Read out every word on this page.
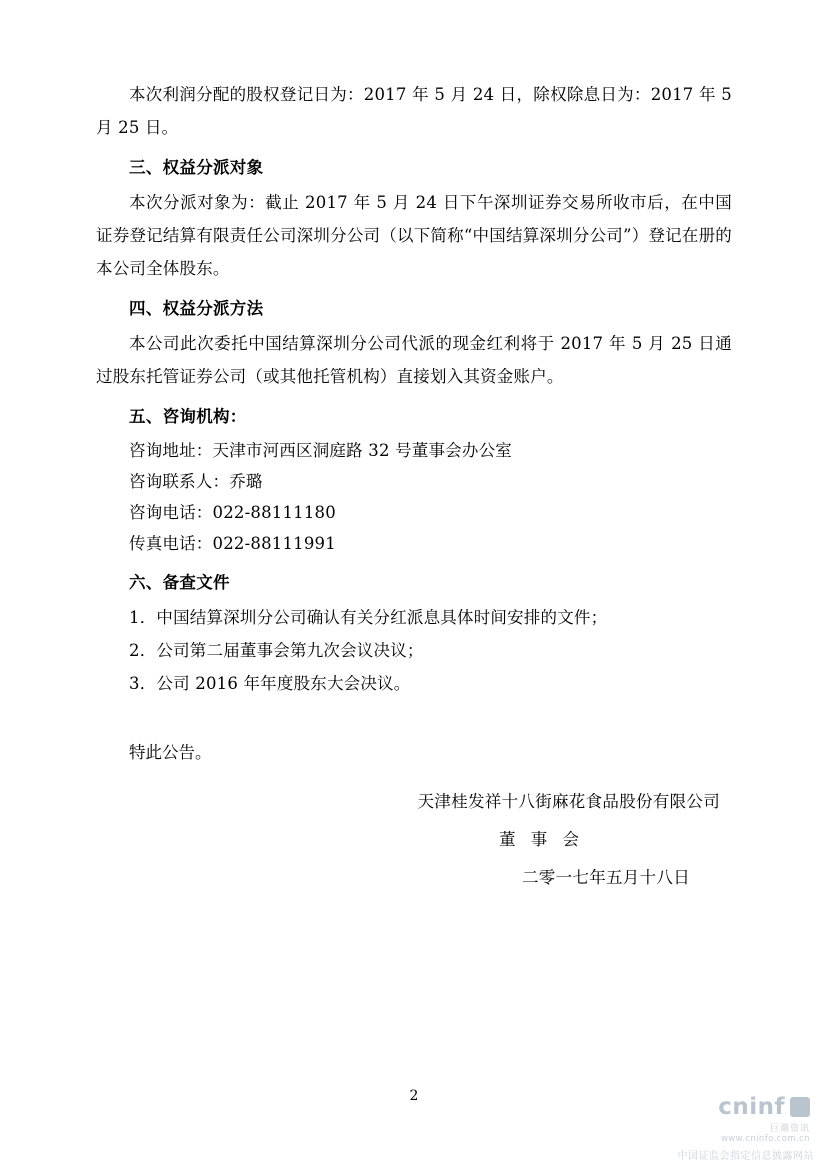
本次利润分配的股权登记日为：2017 年 5 月 24 日，除权除息日为：2017 年 5 月 25 日。

三、权益分派对象

本次分派对象为：截止 2017 年 5 月 24 日下午深圳证券交易所收市后，在中国证券登记结算有限责任公司深圳分公司（以下简称“中国结算深圳分公司”）登记在册的本公司全体股东。

四、权益分派方法

本公司此次委托中国结算深圳分公司代派的现金红利将于 2017 年 5 月 25 日通过股东托管证券公司（或其他托管机构）直接划入其资金账户。

五、咨询机构：

咨询地址：天津市河西区洞庭路 32 号董事会办公室

咨询联系人：乔璐

咨询电话：022-88111180

传真电话：022-88111991

六、备查文件

1．中国结算深圳分公司确认有关分红派息具体时间安排的文件；

2．公司第二届董事会第九次会议决议；

3．公司 2016 年年度股东大会决议。

特此公告。

天津桂发祥十八街麻花食品股份有限公司
董 事 会
二零一七年五月十八日
2	cninf
巨潮资讯
www.cninfo.com.cn
中国证监会指定信息披露网站
